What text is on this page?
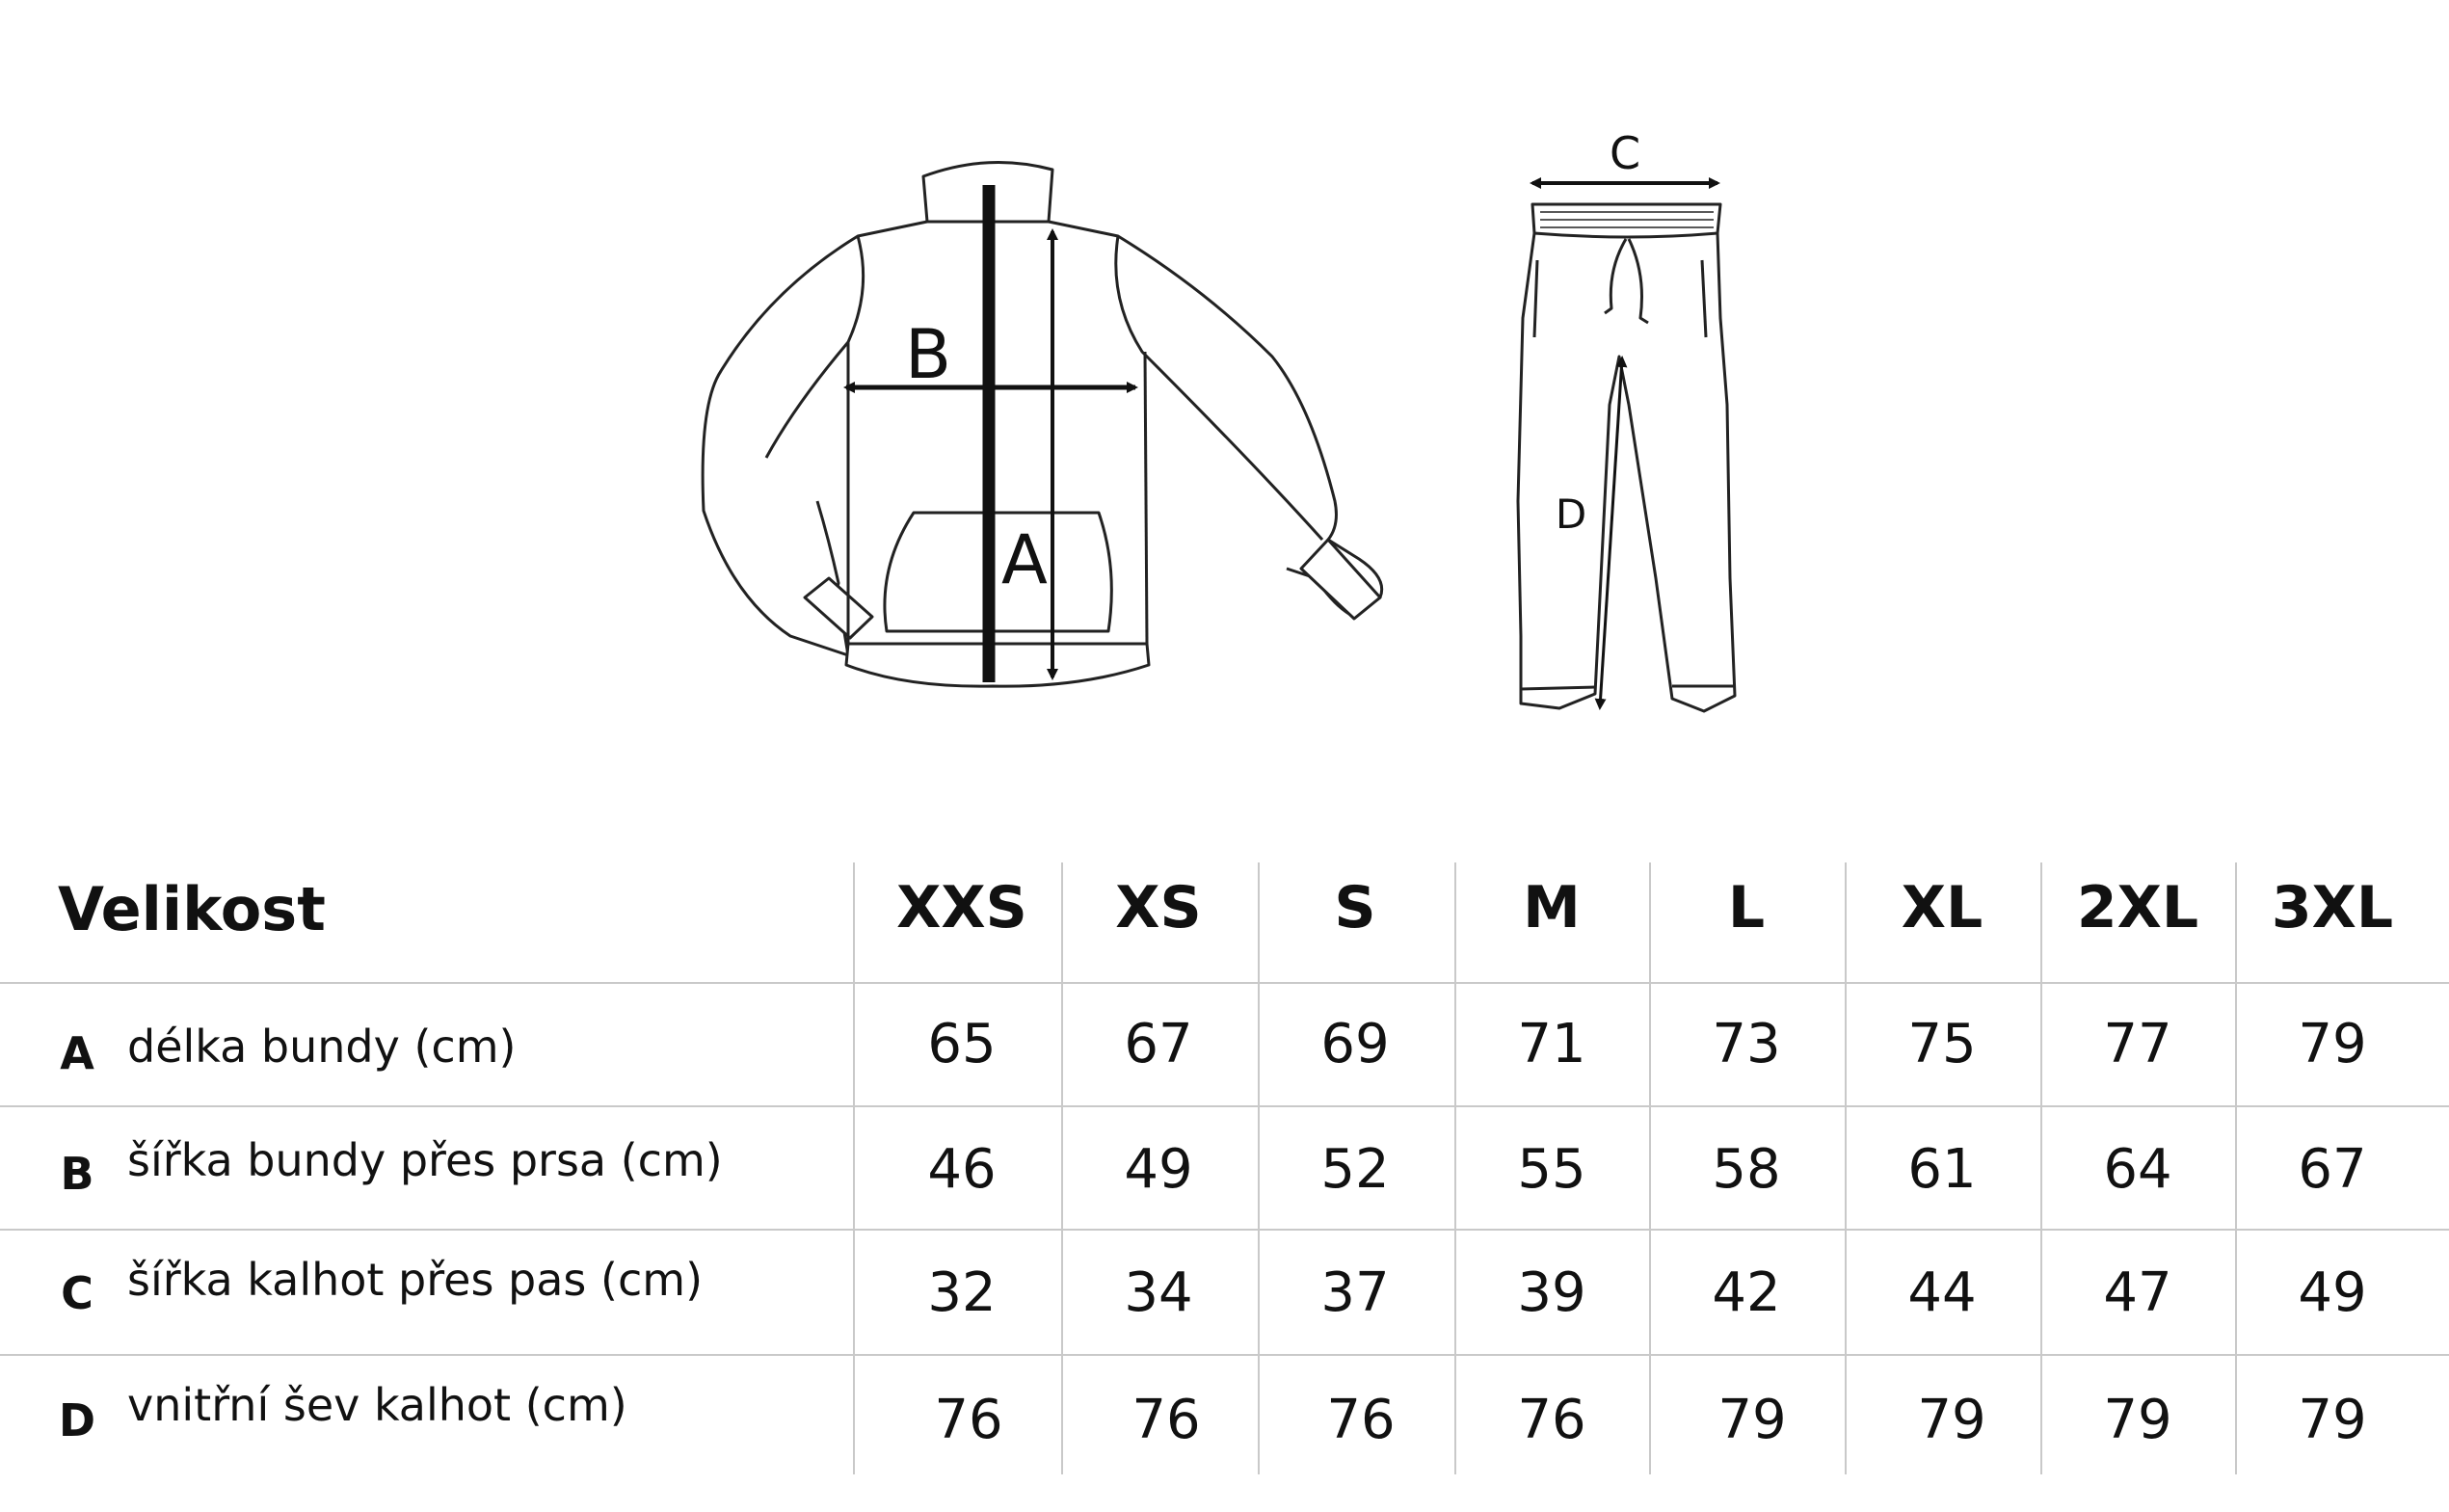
B
A
C
D
Velikost	XXS	XS	S	M	L	XL	2XL	3XL
A délka bundy (cm)	65	67	69	71	73	75	77	79
B šířka bundy přes prsa (cm)	46	49	52	55	58	61	64	67
C šířka kalhot přes pas (cm)	32	34	37	39	42	44	47	49
D vnitřní šev kalhot (cm)	76	76	76	76	79	79	79	79
